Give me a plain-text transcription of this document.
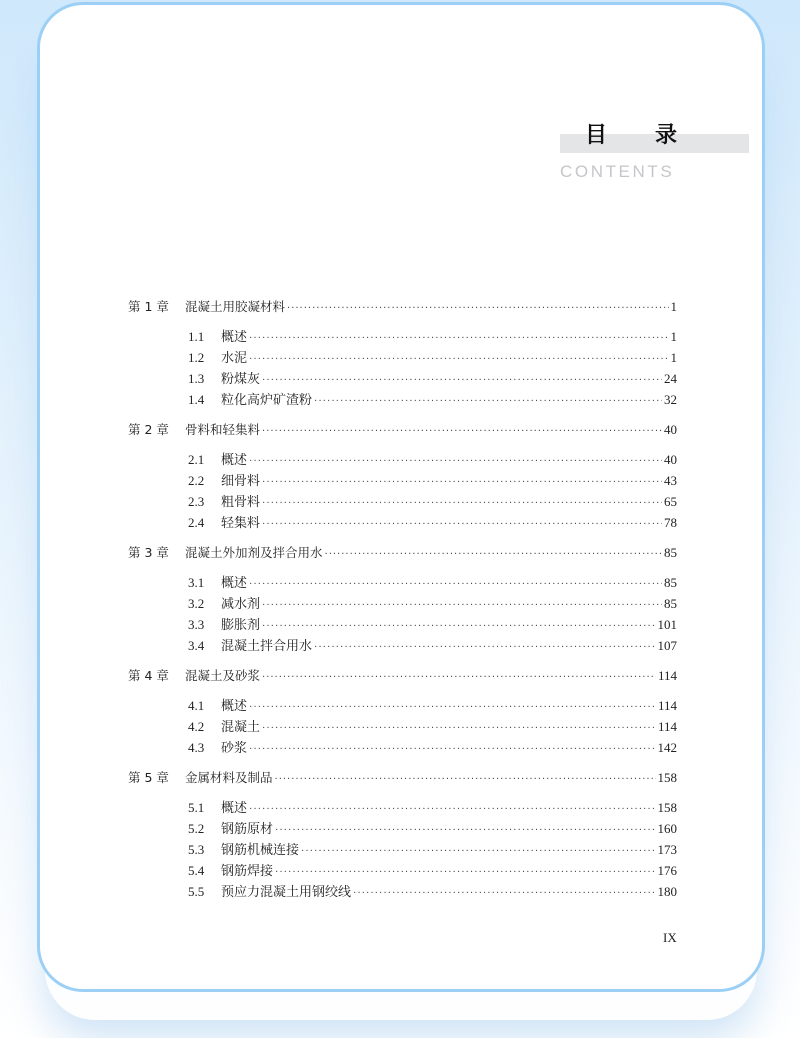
目 录
CONTENTS
第 1 章	混凝土用胶凝材料 ·····	1
1.1	概述 ·····	1
1.2	水泥 ·····	1
1.3	粉煤灰 ·····	24
1.4	粒化高炉矿渣粉 ·····	32
第 2 章	骨料和轻集料 ·····	40
2.1	概述 ·····	40
2.2	细骨料 ·····	43
2.3	粗骨料 ·····	65
2.4	轻集料 ·····	78
第 3 章	混凝土外加剂及拌合用水 ·····	85
3.1	概述 ·····	85
3.2	减水剂 ·····	85
3.3	膨胀剂 ·····	101
3.4	混凝土拌合用水 ·····	107
第 4 章	混凝土及砂浆 ·····	114
4.1	概述 ·····	114
4.2	混凝土 ·····	114
4.3	砂浆 ·····	142
第 5 章	金属材料及制品 ·····	158
5.1	概述 ·····	158
5.2	钢筋原材 ·····	160
5.3	钢筋机械连接 ·····	173
5.4	钢筋焊接 ·····	176
5.5	预应力混凝土用钢绞线 ·····	180
IX
